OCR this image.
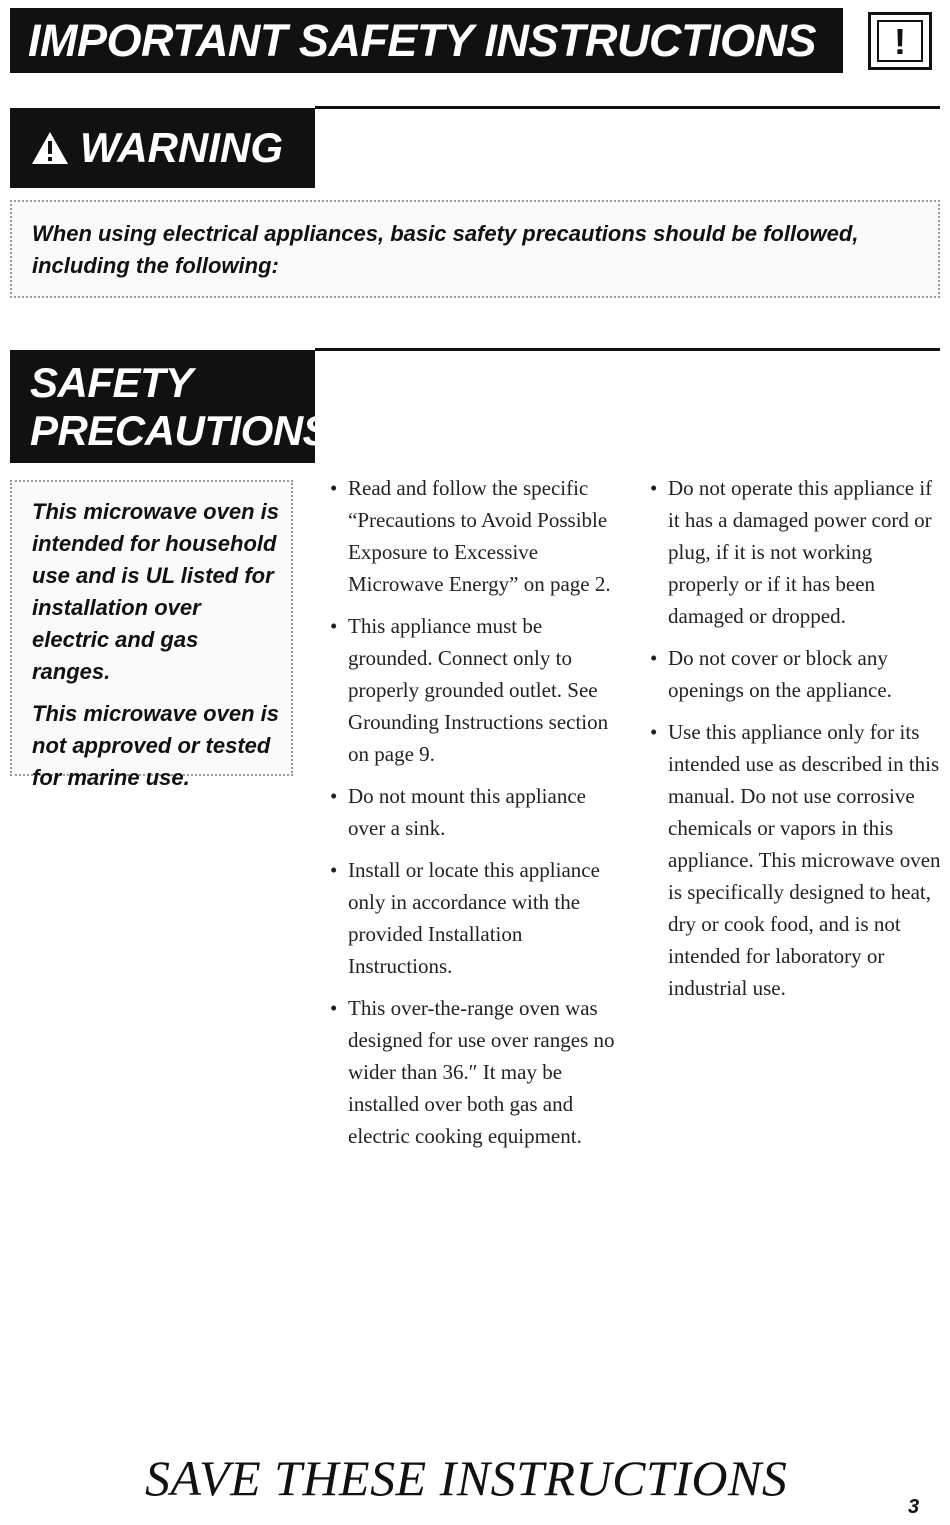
IMPORTANT SAFETY INSTRUCTIONS	!
WARNING
When using electrical appliances, basic safety precautions should be followed, including the following:
SAFETY
PRECAUTIONS

This microwave oven is intended for household use and is UL listed for installation over electric and gas ranges.

This microwave oven is not approved or tested for marine use.

• Read and follow the specific “Precautions to Avoid Possible Exposure to Excessive Microwave Energy” on page 2.
• This appliance must be grounded. Connect only to properly grounded outlet. See Grounding Instructions section on page 9.
• Do not mount this appliance over a sink.
• Install or locate this appliance only in accordance with the provided Installation Instructions.
• This over-the-range oven was designed for use over ranges no wider than 36.″ It may be installed over both gas and electric cooking equipment.
• Do not operate this appliance if it has a damaged power cord or plug, if it is not working properly or if it has been damaged or dropped.
• Do not cover or block any openings on the appliance.
• Use this appliance only for its intended use as described in this manual. Do not use corrosive chemicals or vapors in this appliance. This microwave oven is specifically designed to heat, dry or cook food, and is not intended for laboratory or industrial use.
SAVE THESE INSTRUCTIONS
3
